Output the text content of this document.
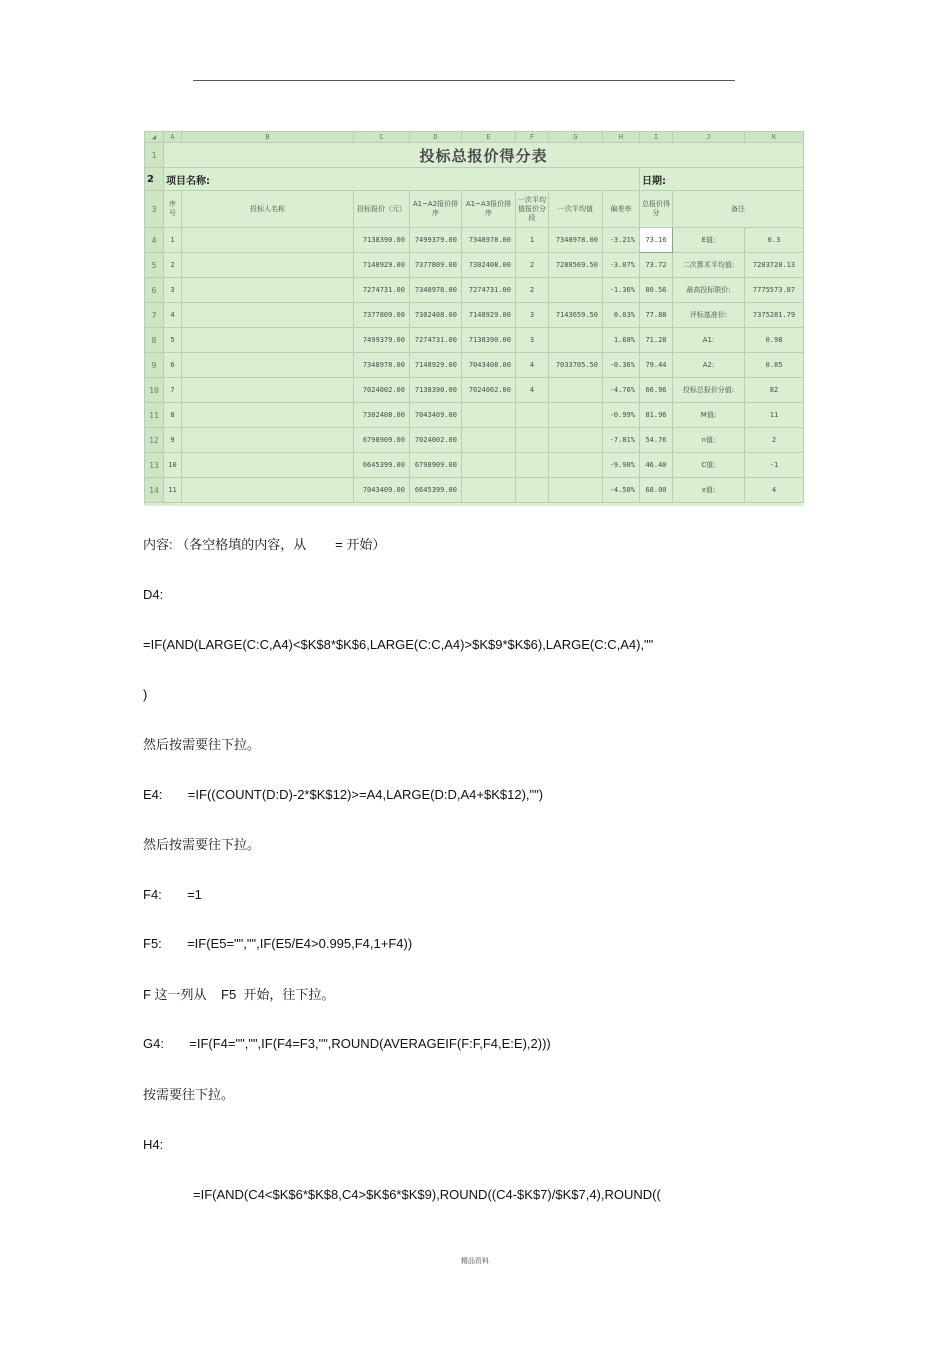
◢	A	B	C	D	E	F	G	H	I	J	K
1	投标总报价得分表										
2	项目名称:								日期:		
3	序号	投标人名称	投标报价（元）	A1~A2报价排序	A1~A3报价排序	一次平均值报价分段	一次平均值	偏差率	总报价得分	备注	
4	1		7138390.00	7499379.00	7348978.00	1	7348978.00	-3.21%	73.16	E值:	0.3
5	2		7148929.00	7377809.00	7302408.00	2	7288569.50	-3.07%	73.72	二次算术平均值:	7203728.13
6	3		7274731.00	7348978.00	7274731.00	2		-1.36%	80.56	最高投标限价:	7775573.87
7	4		7377809.00	7302408.00	7148929.00	3	7143659.50	0.03%	77.88	评标基准价:	7375281.79
8	5		7499379.00	7274731.00	7138390.00	3		1.68%	71.28	A1:	0.98
9	6		7348978.00	7148929.00	7043408.00	4	7033705.50	-0.36%	79.44	A2:	0.85
10	7		7024002.00	7138390.00	7024002.00	4		-4.76%	66.96	投标总报价分值:	82
11	8		7302408.00	7043409.00				-0.99%	81.96	M值:	11
12	9		6798909.00	7024002.00				-7.81%	54.76	n值:	2
13	10		6645399.00	6798909.00				-9.90%	46.40	C值:	-1
14	11		7043409.00	6645399.00				-4.50%	68.00	x值:	4
内容: （各空格填的内容，从        = 开始）
D4:
=IF(AND(LARGE(C:C,A4)<$K$8*$K$6,LARGE(C:C,A4)>$K$9*$K$6),LARGE(C:C,A4),""
)
然后按需要往下拉。
E4:       =IF((COUNT(D:D)-2*$K$12)>=A4,LARGE(D:D,A4+$K$12),"")
然后按需要往下拉。
F4:       =1
F5:       =IF(E5="","",IF(E5/E4>0.995,F4,1+F4))
F 这一列从    F5  开始，往下拉。
G4:       =IF(F4="","",IF(F4=F3,"",ROUND(AVERAGEIF(F:F,F4,E:E),2)))
按需要往下拉。
H4:
=IF(AND(C4<$K$6*$K$8,C4>$K$6*$K$9),ROUND((C4-$K$7)/$K$7,4),ROUND((
精品资料
